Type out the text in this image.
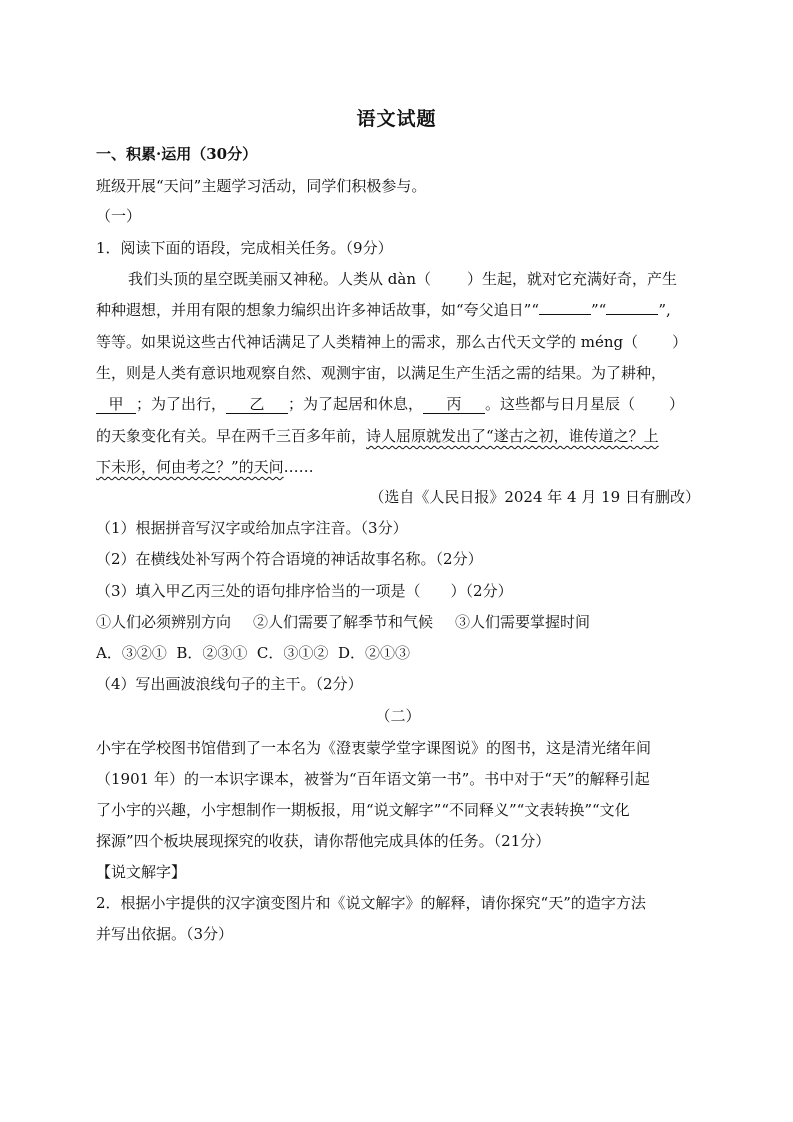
语文试题
一、积累·运用（30分）
班级开展“天问”主题学习活动，同学们积极参与。
（一）
1．阅读下面的语段，完成相关任务。（9分）
我们头顶的星空既美丽又神秘。人类从 dàn（ ）生起，就对它充满好奇，产生
种种遐想，并用有限的想象力编织出许多神话故事，如“夸父追日”“	”“	”,
等等。如果说这些古代神话满足了人类精神上的需求，那么古代天文学的 méng（ ）
生，则是人类有意识地观察自然、观测宇宙，以满足生产生活之需的结果。为了耕种，
甲 ；为了出行， 乙 ；为了起居和休息， 丙 。这些都与日月星辰（ ）
的天象变化有关。早在两千三百多年前，诗人屈原就发出了“遂古之初，谁传道之？上
下未形，何由考之？”的天问……
（选自《人民日报》2024 年 4 月 19 日有删改）
（1）根据拼音写汉字或给加点字注音。（3分）
（2）在横线处补写两个符合语境的神话故事名称。（2分）
（3）填入甲乙丙三处的语句排序恰当的一项是（　　）（2分）
①人们必须辨别方向 ②人们需要了解季节和气候 ③人们需要掌握时间
A．③②①  B．②③①  C．③①②  D．②①③
（4）写出画波浪线句子的主干。（2分）
（二）
小宇在学校图书馆借到了一本名为《澄衷蒙学堂字课图说》的图书，这是清光绪年间
（1901 年）的一本识字课本，被誉为“百年语文第一书”。书中对于“天”的解释引起
了小宇的兴趣，小宇想制作一期板报，用“说文解字”“不同释义”“文表转换”“文化
探源”四个板块展现探究的收获，请你帮他完成具体的任务。（21分）
【说文解字】
2．根据小宇提供的汉字演变图片和《说文解字》的解释，请你探究“天”的造字方法
并写出依据。（3分）
